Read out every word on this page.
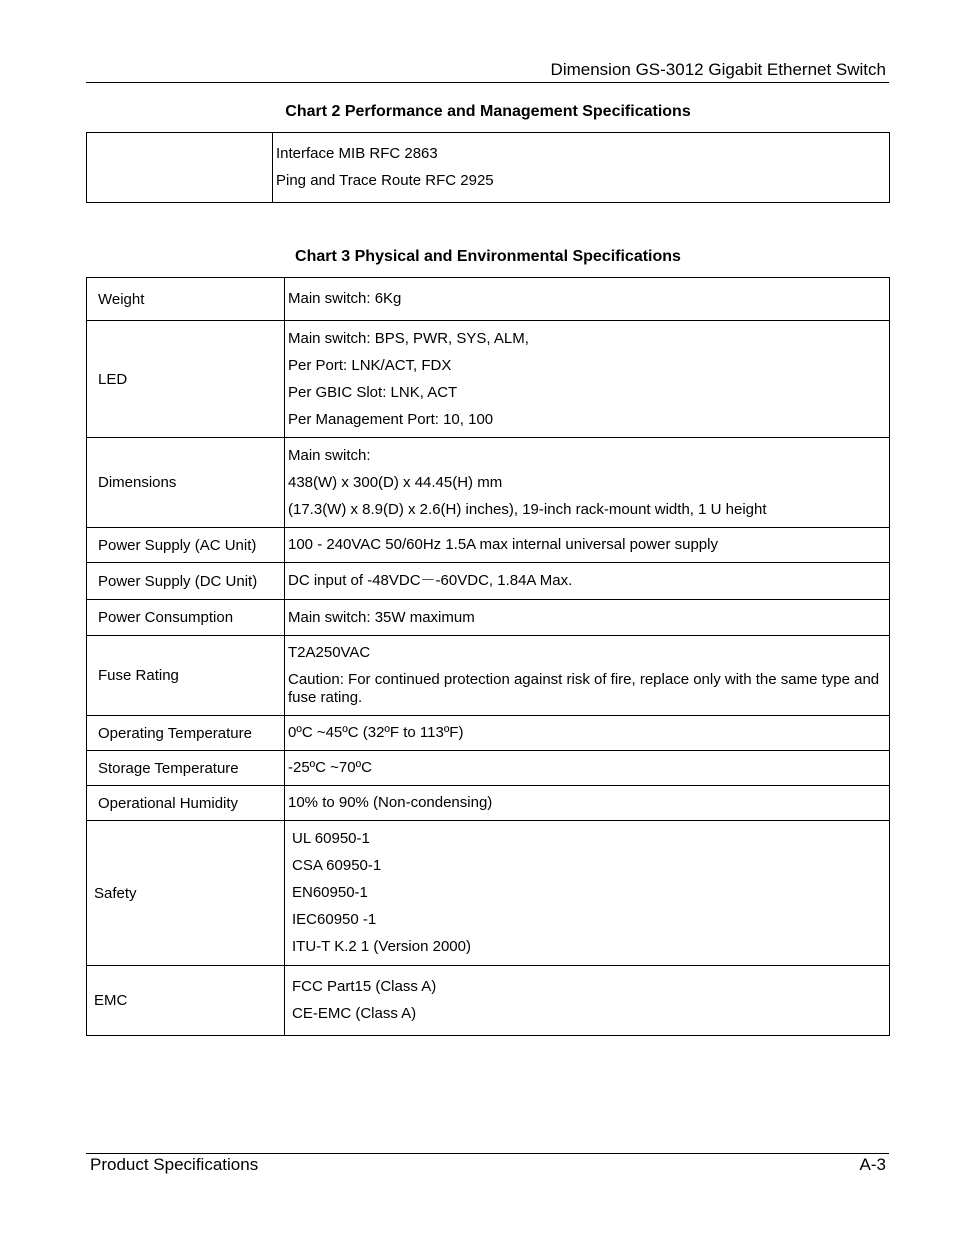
Dimension GS-3012 Gigabit Ethernet Switch
Chart 2 Performance and Management Specifications

Interface MIB RFC 2863
Ping and Trace Route RFC 2925
Chart 3 Physical and Environmental Specifications
Weight	Main switch: 6Kg

LED	Main switch: BPS, PWR, SYS, ALM,
Per Port: LNK/ACT, FDX
Per GBIC Slot: LNK, ACT
Per Management Port: 10, 100

Dimensions	Main switch:
438(W) x 300(D) x 44.45(H) mm
(17.3(W) x 8.9(D) x 2.6(H) inches), 19-inch rack-mount width, 1 U height

Power Supply (AC Unit)	100 - 240VAC 50/60Hz 1.5A max internal universal power supply

Power Supply (DC Unit)	DC input of -48VDC－-60VDC, 1.84A Max.

Power Consumption	Main switch: 35W maximum

Fuse Rating	T2A250VAC
Caution: For continued protection against risk of fire, replace only with the same type and fuse rating.

Operating Temperature	0ºC ~45ºC (32ºF to 113ºF)

Storage Temperature	-25ºC ~70ºC

Operational Humidity	10% to 90% (Non-condensing)

Safety	UL 60950-1
CSA 60950-1
EN60950-1
IEC60950 -1
ITU-T K.2 1 (Version 2000)

EMC	FCC Part15 (Class A)
CE-EMC (Class A)
Product Specifications	A-3
